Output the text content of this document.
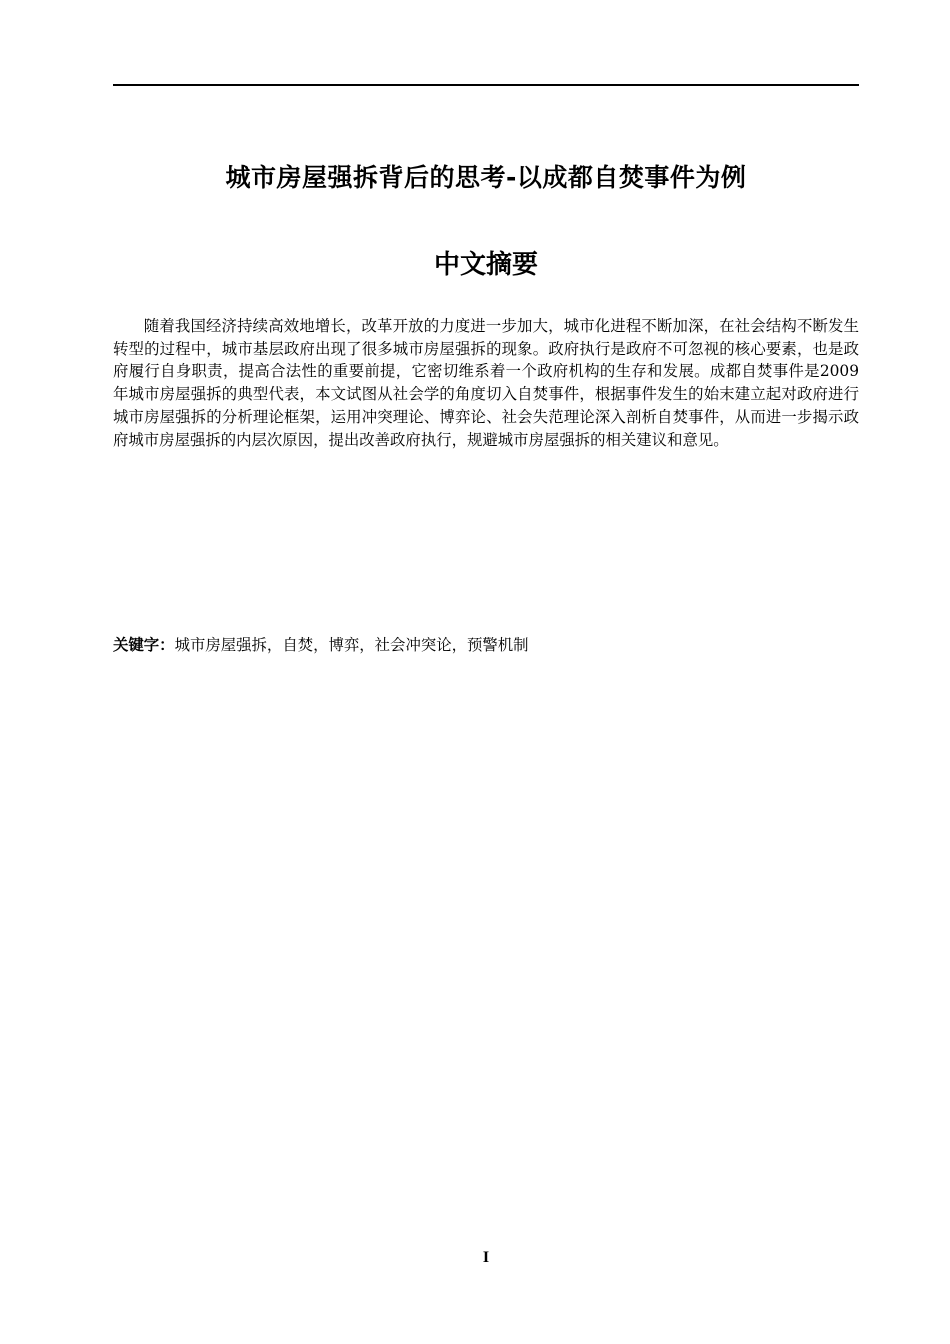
城市房屋强拆背后的思考-以成都自焚事件为例
中文摘要

随着我国经济持续高效地增长，改革开放的力度进一步加大，城市化进程不断加深，在社会结构不断发生转型的过程中，城市基层政府出现了很多城市房屋强拆的现象。政府执行是政府不可忽视的核心要素，也是政府履行自身职责，提高合法性的重要前提，它密切维系着一个政府机构的生存和发展。成都自焚事件是2009年城市房屋强拆的典型代表，本文试图从社会学的角度切入自焚事件，根据事件发生的始末建立起对政府进行城市房屋强拆的分析理论框架，运用冲突理论、博弈论、社会失范理论深入剖析自焚事件，从而进一步揭示政府城市房屋强拆的内层次原因，提出改善政府执行，规避城市房屋强拆的相关建议和意见。

关键字：城市房屋强拆，自焚，博弈，社会冲突论，预警机制
I
